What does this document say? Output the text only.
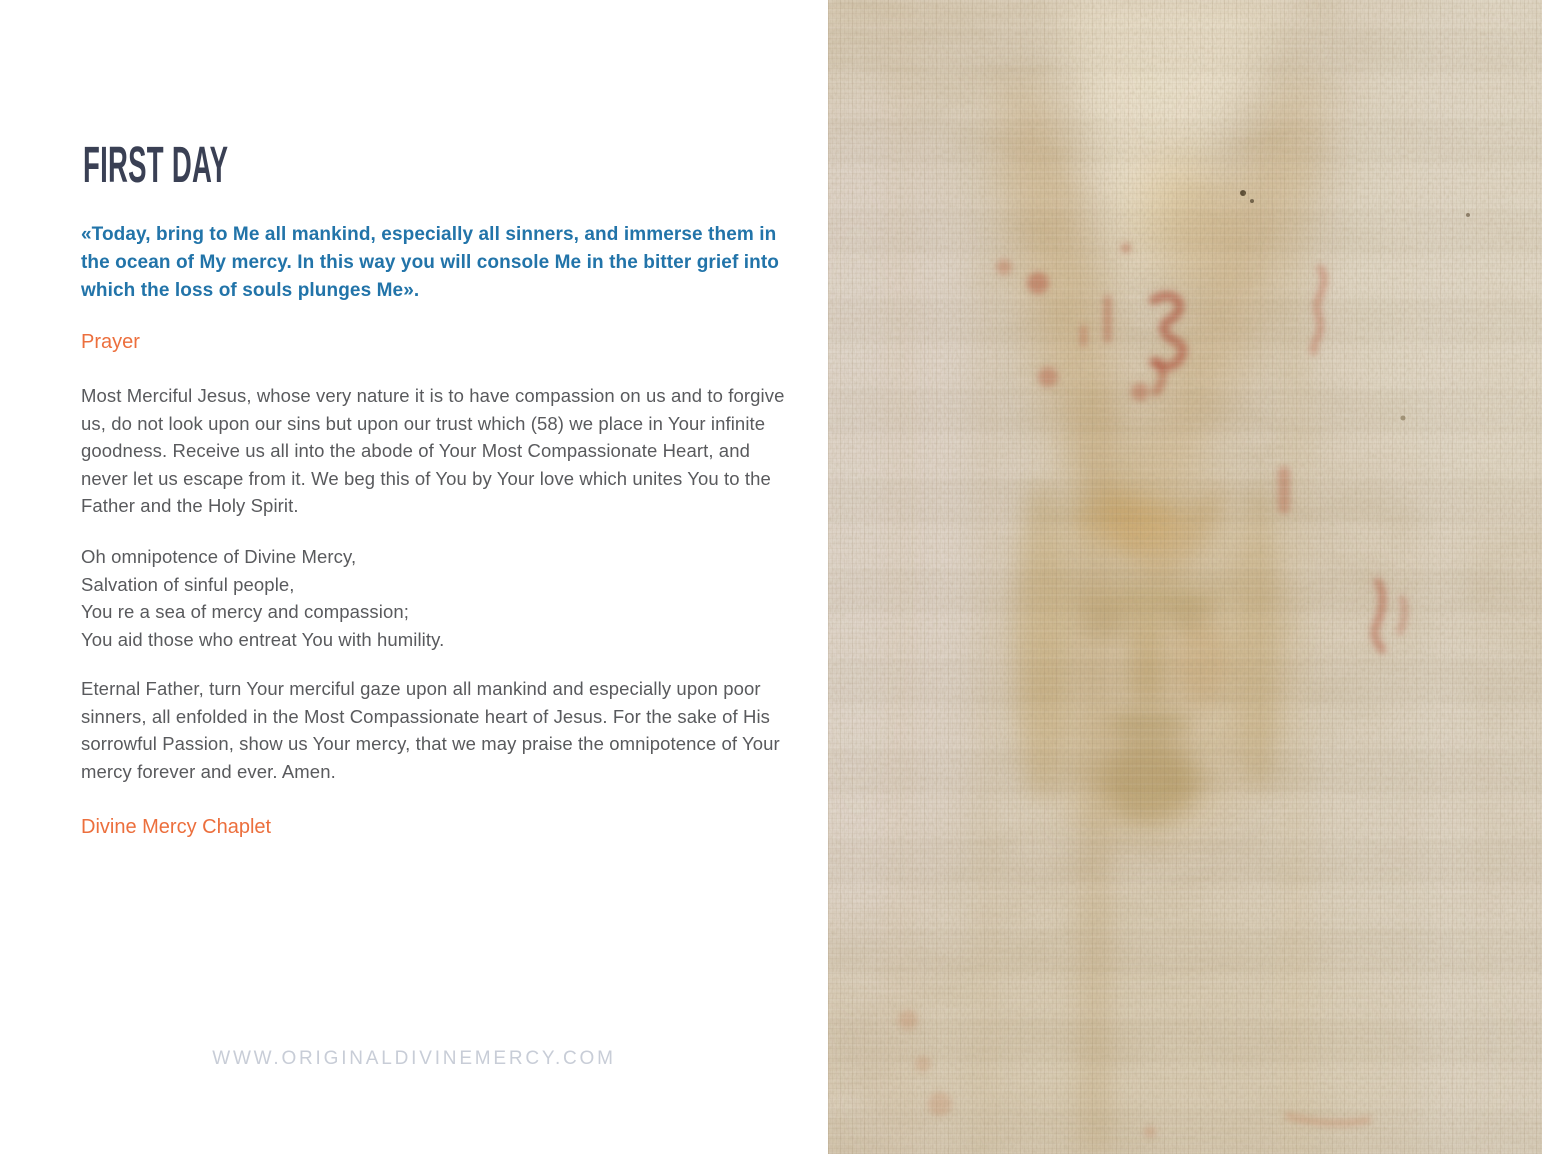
FIRST DAY

«Today, bring to Me all mankind, especially all sinners, and immerse them in the ocean of My mercy. In this way you will console Me in the bitter grief into which the loss of souls plunges Me».

Prayer

Most Merciful Jesus, whose very nature it is to have compassion on us and to forgive us, do not look upon our sins but upon our trust which (58) we place in Your infinite goodness. Receive us all into the abode of Your Most Compassionate Heart, and never let us escape from it. We beg this of You by Your love which unites You to the Father and the Holy Spirit.

Oh omnipotence of Divine Mercy,
Salvation of sinful people,
You re a sea of mercy and compassion;
You aid those who entreat You with humility.

Eternal Father, turn Your merciful gaze upon all mankind and especially upon poor sinners, all enfolded in the Most Compassionate heart of Jesus. For the sake of His sorrowful Passion, show us Your mercy, that we may praise the omnipotence of Your mercy forever and ever. Amen.

Divine Mercy Chaplet

WWW.ORIGINALDIVINEMERCY.COM
